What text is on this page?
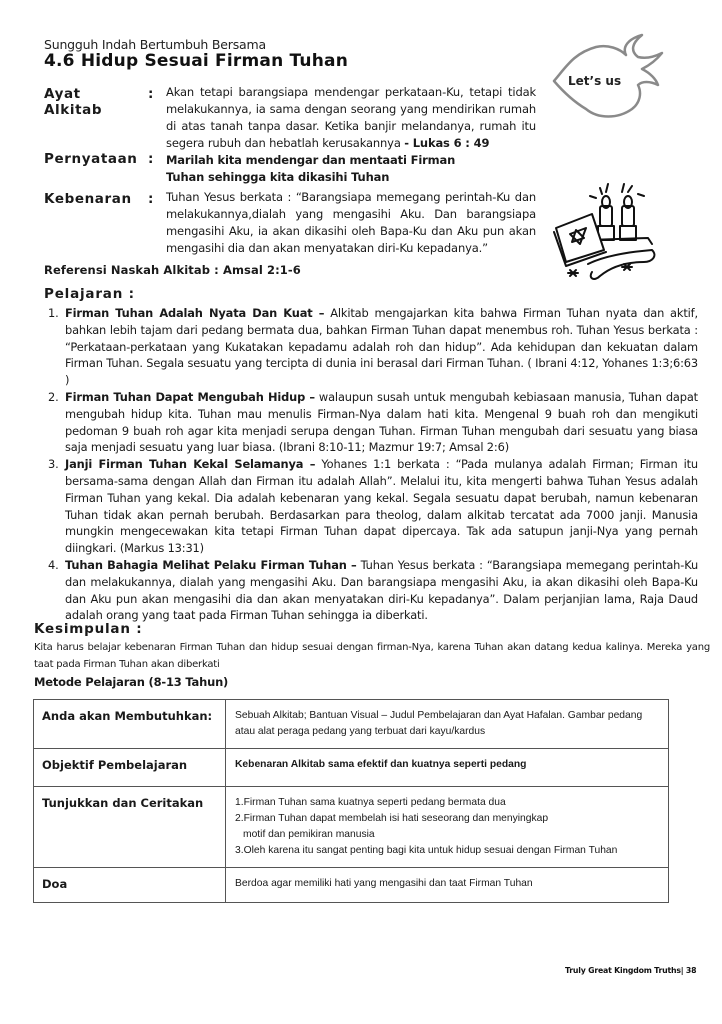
Sungguh Indah Bertumbuh Bersama
4.6 Hidup Sesuai Firman Tuhan
Let’s us
Ayat Alkitab
: Akan tetapi barangsiapa mendengar perkataan-Ku, tetapi tidak melakukannya, ia sama dengan seorang yang mendirikan rumah di atas tanah tanpa dasar. Ketika banjir melandanya, rumah itu segera rubuh dan hebatlah kerusakannya - Lukas 6 : 49
Pernyataan : Marilah kita mendengar dan mentaati Firman Tuhan sehingga kita dikasihi Tuhan
Kebenaran	: Tuhan Yesus berkata : “Barangsiapa memegang perintah-Ku dan melakukannya,dialah yang mengasihi Aku. Dan barangsiapa mengasihi Aku, ia akan dikasihi oleh Bapa-Ku dan Aku pun akan mengasihi dia dan akan menyatakan diri-Ku kepadanya.”
Referensi Naskah Alkitab : Amsal 2:1-6
Pelajaran :
1. Firman Tuhan Adalah Nyata Dan Kuat – Alkitab mengajarkan kita bahwa Firman Tuhan nyata dan aktif, bahkan lebih tajam dari pedang bermata dua, bahkan Firman Tuhan dapat menembus roh. Tuhan Yesus berkata : “Perkataan-perkataan yang Kukatakan kepadamu adalah roh dan hidup”. Ada kehidupan dan kekuatan dalam Firman Tuhan. Segala sesuatu yang tercipta di dunia ini berasal dari Firman Tuhan. ( Ibrani 4:12, Yohanes 1:3;6:63 )
2. Firman Tuhan Dapat Mengubah Hidup – walaupun susah untuk mengubah kebiasaan manusia, Tuhan dapat mengubah hidup kita. Tuhan mau menulis Firman-Nya dalam hati kita. Mengenal 9 buah roh dan mengikuti pedoman 9 buah roh agar kita menjadi serupa dengan Tuhan. Firman Tuhan mengubah dari sesuatu yang biasa saja menjadi sesuatu yang luar biasa. (Ibrani 8:10-11; Mazmur 19:7; Amsal 2:6)
3. Janji Firman Tuhan Kekal Selamanya – Yohanes 1:1 berkata : “Pada mulanya adalah Firman; Firman itu bersama-sama dengan Allah dan Firman itu adalah Allah”. Melalui itu, kita mengerti bahwa Tuhan Yesus adalah Firman Tuhan yang kekal. Dia adalah kebenaran yang kekal. Segala sesuatu dapat berubah, namun kebenaran Tuhan tidak akan pernah berubah. Berdasarkan para theolog, dalam alkitab tercatat ada 7000 janji. Manusia mungkin mengecewakan kita tetapi Firman Tuhan dapat dipercaya. Tak ada satupun janji-Nya yang pernah diingkari. (Markus 13:31)
4. Tuhan Bahagia Melihat Pelaku Firman Tuhan – Tuhan Yesus berkata : “Barangsiapa memegang perintah-Ku dan melakukannya, dialah yang mengasihi Aku. Dan barangsiapa mengasihi Aku, ia akan dikasihi oleh Bapa-Ku dan Aku pun akan mengasihi dia dan akan menyatakan diri-Ku kepadanya”. Dalam perjanjian lama, Raja Daud adalah orang yang taat pada Firman Tuhan sehingga ia diberkati.
Kesimpulan :
Kita harus belajar kebenaran Firman Tuhan dan hidup sesuai dengan firman-Nya, karena Tuhan akan datang kedua kalinya. Mereka yang taat pada Firman Tuhan akan diberkati
Metode Pelajaran (8-13 Tahun)
Anda akan Membutuhkan:	Sebuah Alkitab; Bantuan Visual – Judul Pembelajaran dan Ayat Hafalan. Gambar pedang atau alat peraga pedang yang terbuat dari kayu/kardus
Objektif Pembelajaran	Kebenaran Alkitab sama efektif dan kuatnya seperti pedang
Tunjukkan dan Ceritakan	1.Firman Tuhan sama kuatnya seperti pedang bermata dua
2.Firman Tuhan dapat membelah isi hati seseorang dan menyingkap
motif dan pemikiran manusia
3.Oleh karena itu sangat penting bagi kita untuk hidup sesuai dengan Firman Tuhan

Doa	Berdoa agar memiliki hati yang mengasihi dan taat Firman Tuhan
Truly Great Kingdom Truths| 38
